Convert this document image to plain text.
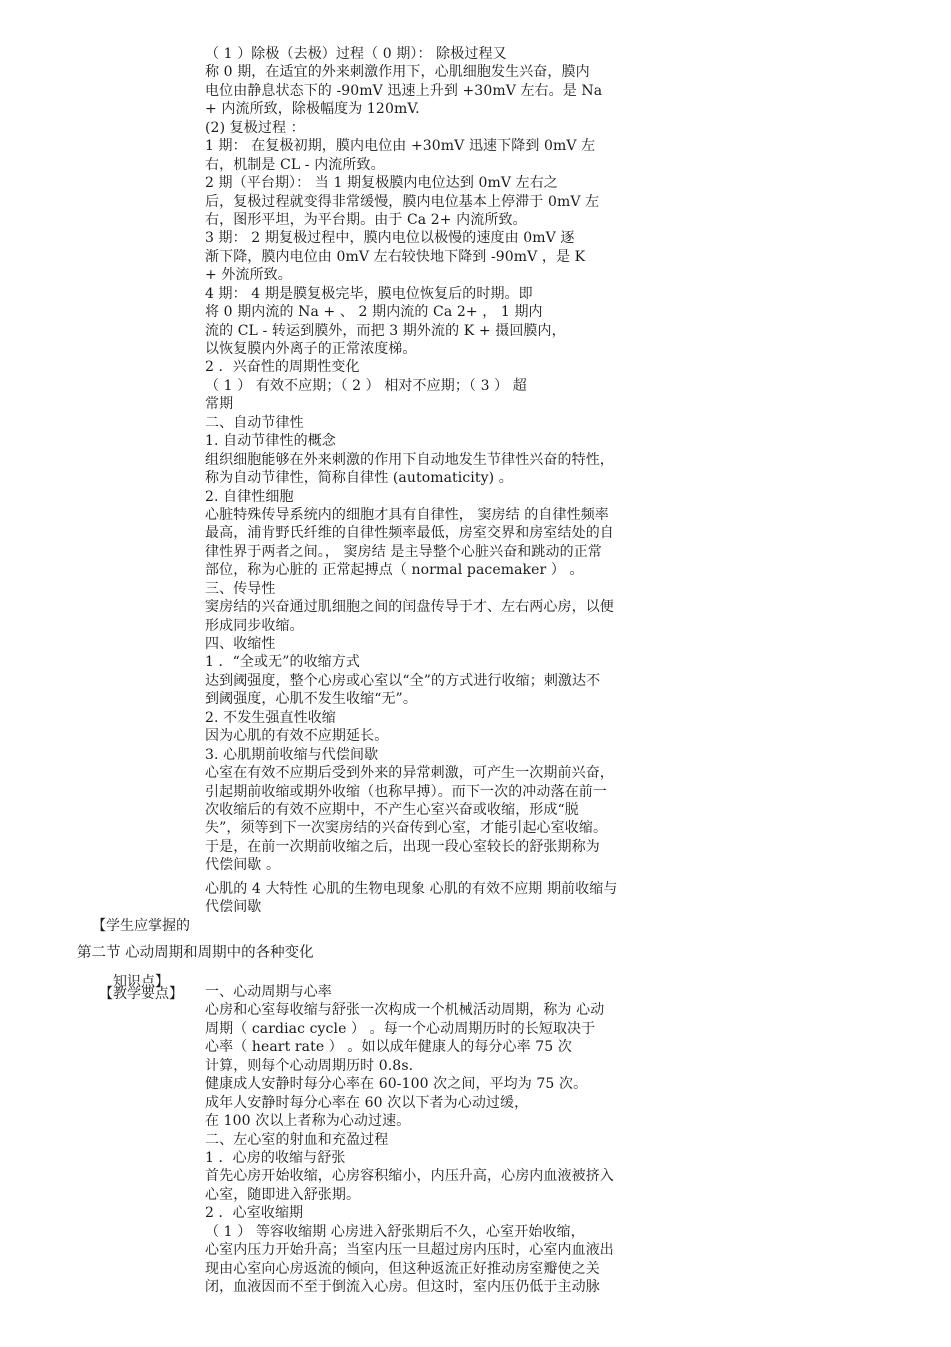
（ 1 ）除极（去极）过程（ 0 期）： 除极过程又
称 0 期，在适宜的外来刺激作用下，心肌细胞发生兴奋，膜内
电位由静息状态下的 -90mV 迅速上升到 +30mV 左右。是 Na
+ 内流所致，除极幅度为 120mV.
(2) 复极过程 ：
1 期： 在复极初期，膜内电位由 +30mV 迅速下降到 0mV 左
右，机制是 CL - 内流所致。
2 期（平台期）： 当 1 期复极膜内电位达到 0mV 左右之
后，复极过程就变得非常缓慢，膜内电位基本上停滞于 0mV 左
右，图形平坦，为平台期。由于 Ca 2+ 内流所致。
3 期： 2 期复极过程中，膜内电位以极慢的速度由 0mV 逐
渐下降，膜内电位由 0mV 左右较快地下降到 -90mV ，是 K
+ 外流所致。
4 期： 4 期是膜复极完毕，膜电位恢复后的时期。即
将 0 期内流的 Na + 、 2 期内流的 Ca 2+ ， 1 期内
流的 CL - 转运到膜外，而把 3 期外流的 K + 摄回膜内，
以恢复膜内外离子的正常浓度梯。
2 ．兴奋性的周期性变化
（ 1 ） 有效不应期；（ 2 ） 相对不应期；（ 3 ） 超
常期
二、自动节律性
1. 自动节律性的概念
组织细胞能够在外来刺激的作用下自动地发生节律性兴奋的特性，
称为自动节律性，简称自律性 (automaticity) 。
2. 自律性细胞
心脏特殊传导系统内的细胞才具有自律性， 窦房结 的自律性频率
最高，浦肯野氏纤维的自律性频率最低，房室交界和房室结处的自
律性界于两者之间。， 窦房结 是主导整个心脏兴奋和跳动的正常
部位，称为心脏的 正常起搏点（ normal pacemaker ） 。
三、传导性
窦房结的兴奋通过肌细胞之间的闰盘传导于才、左右两心房，以便
形成同步收缩。
四、收缩性
1 ．“全或无”的收缩方式
达到阈强度，整个心房或心室以“全”的方式进行收缩；刺激达不
到阈强度，心肌不发生收缩“无”。
2. 不发生强直性收缩
因为心肌的有效不应期延长。
3. 心肌期前收缩与代偿间歇
心室在有效不应期后受到外来的异常刺激，可产生一次期前兴奋，
引起期前收缩或期外收缩（也称早搏）。而下一次的冲动落在前一
次收缩后的有效不应期中，不产生心室兴奋或收缩，形成“脱
失”，须等到下一次窦房结的兴奋传到心室，才能引起心室收缩。
于是，在前一次期前收缩之后，出现一段心室较长的舒张期称为
代偿间歇 。

【学生应掌握的

知识点】

心肌的 4 大特性 心肌的生物电现象 心肌的有效不应期 期前收缩与
代偿间歇
第二节 心动周期和周期中的各种变化
【教学要点】	一、心动周期与心率
心房和心室每收缩与舒张一次构成一个机械活动周期，称为 心动
周期（ cardiac cycle ） 。每一个心动周期历时的长短取决于
心率（ heart rate ） 。如以成年健康人的每分心率 75 次
计算，则每个心动周期历时 0.8s.
健康成人安静时每分心率在 60-100 次之间，平均为 75 次。
成年人安静时每分心率在 60 次以下者为心动过缓，
在 100 次以上者称为心动过速。
二、左心室的射血和充盈过程
1 ．心房的收缩与舒张
首先心房开始收缩，心房容积缩小，内压升高，心房内血液被挤入
心室，随即进入舒张期。
2 ．心室收缩期
（ 1 ） 等容收缩期 心房进入舒张期后不久，心室开始收缩，
心室内压力开始升高；当室内压一旦超过房内压时，心室内血液出
现由心室向心房返流的倾向，但这种返流正好推动房室瓣使之关
闭，血液因而不至于倒流入心房。但这时，室内压仍低于主动脉
